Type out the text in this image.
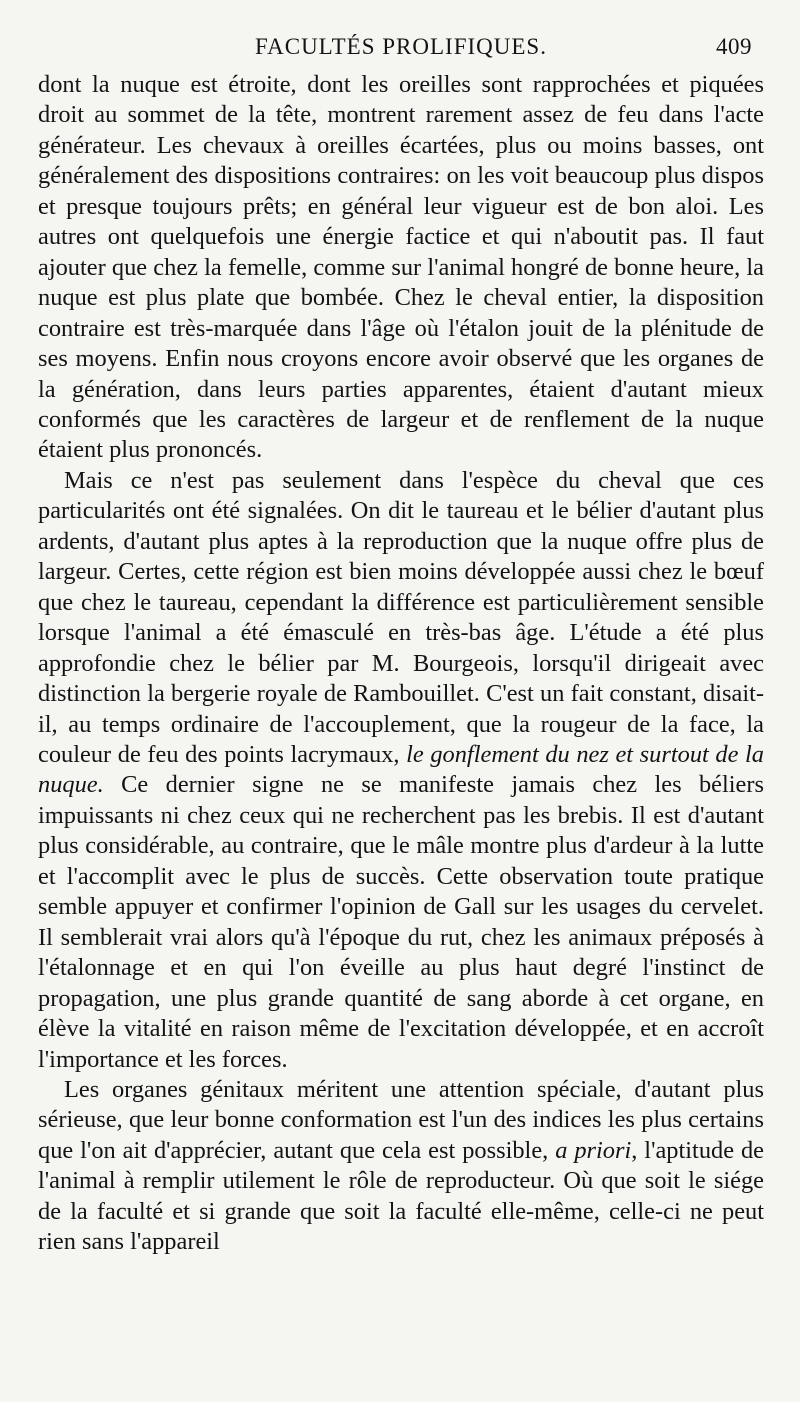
FACULTÉS PROLIFIQUES.	409

dont la nuque est étroite, dont les oreilles sont rapprochées et piquées droit au sommet de la tête, montrent rarement assez de feu dans l'acte générateur. Les chevaux à oreilles écartées, plus ou moins basses, ont généralement des dispositions contraires: on les voit beaucoup plus dispos et presque toujours prêts; en général leur vigueur est de bon aloi. Les autres ont quelquefois une énergie factice et qui n'aboutit pas. Il faut ajouter que chez la femelle, comme sur l'animal hongré de bonne heure, la nuque est plus plate que bombée. Chez le cheval entier, la disposition contraire est très-marquée dans l'âge où l'étalon jouit de la plénitude de ses moyens. Enfin nous croyons encore avoir observé que les organes de la génération, dans leurs parties apparentes, étaient d'autant mieux conformés que les caractères de largeur et de renflement de la nuque étaient plus prononcés.

Mais ce n'est pas seulement dans l'espèce du cheval que ces particularités ont été signalées. On dit le taureau et le bélier d'autant plus ardents, d'autant plus aptes à la reproduction que la nuque offre plus de largeur. Certes, cette région est bien moins développée aussi chez le bœuf que chez le taureau, cependant la différence est particulièrement sensible lorsque l'animal a été émasculé en très-bas âge. L'étude a été plus approfondie chez le bélier par M. Bourgeois, lorsqu'il dirigeait avec distinction la bergerie royale de Rambouillet. C'est un fait constant, disait-il, au temps ordinaire de l'accouplement, que la rougeur de la face, la couleur de feu des points lacrymaux, le gonflement du nez et surtout de la nuque. Ce dernier signe ne se manifeste jamais chez les béliers impuissants ni chez ceux qui ne recherchent pas les brebis. Il est d'autant plus considérable, au contraire, que le mâle montre plus d'ardeur à la lutte et l'accomplit avec le plus de succès. Cette observation toute pratique semble appuyer et confirmer l'opinion de Gall sur les usages du cervelet. Il semblerait vrai alors qu'à l'époque du rut, chez les animaux préposés à l'étalonnage et en qui l'on éveille au plus haut degré l'instinct de propagation, une plus grande quantité de sang aborde à cet organe, en élève la vitalité en raison même de l'excitation développée, et en accroît l'importance et les forces.

Les organes génitaux méritent une attention spéciale, d'autant plus sérieuse, que leur bonne conformation est l'un des indices les plus certains que l'on ait d'apprécier, autant que cela est possible, a priori, l'aptitude de l'animal à remplir utilement le rôle de reproducteur. Où que soit le siége de la faculté et si grande que soit la faculté elle-même, celle-ci ne peut rien sans l'appareil
